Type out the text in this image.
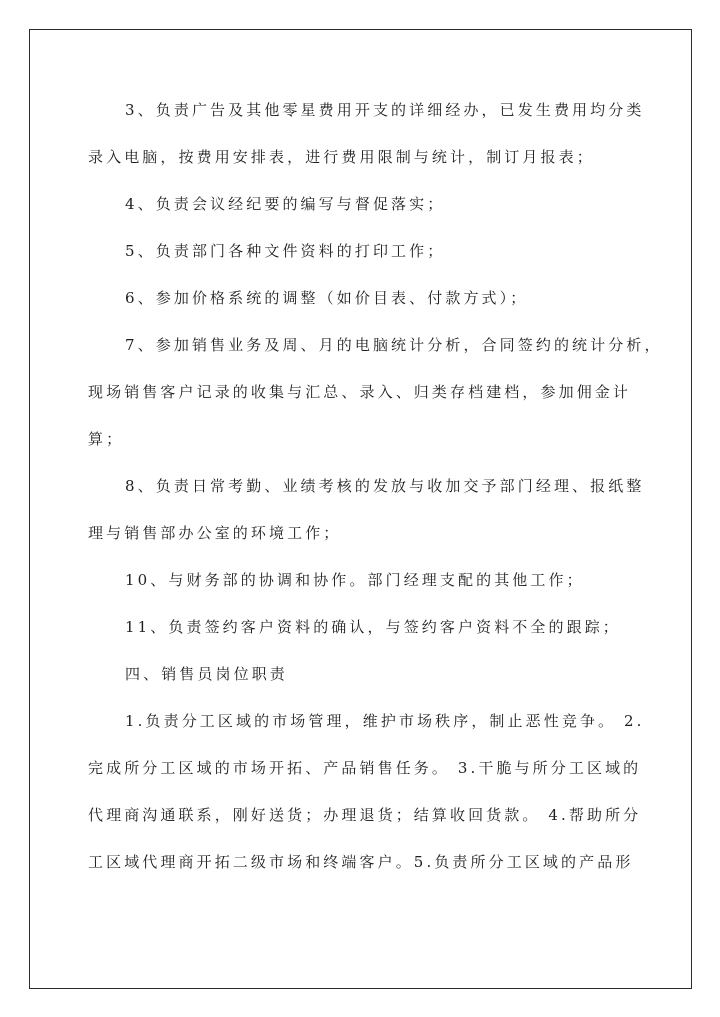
3、负责广告及其他零星费用开支的详细经办，已发生费用均分类
录入电脑，按费用安排表，进行费用限制与统计，制订月报表；
4、负责会议经纪要的编写与督促落实；
5、负责部门各种文件资料的打印工作；
6、参加价格系统的调整（如价目表、付款方式）；
7、参加销售业务及周、月的电脑统计分析，合同签约的统计分析，
现场销售客户记录的收集与汇总、录入、归类存档建档，参加佣金计
算；
8、负责日常考勤、业绩考核的发放与收加交予部门经理、报纸整
理与销售部办公室的环境工作；
10、与财务部的协调和协作。部门经理支配的其他工作；
11、负责签约客户资料的确认，与签约客户资料不全的跟踪；
四、销售员岗位职责
1.负责分工区域的市场管理，维护市场秩序，制止恶性竞争。 2.
完成所分工区域的市场开拓、产品销售任务。 3.干脆与所分工区域的
代理商沟通联系，刚好送货；办理退货；结算收回货款。 4.帮助所分
工区域代理商开拓二级市场和终端客户。5.负责所分工区域的产品形
